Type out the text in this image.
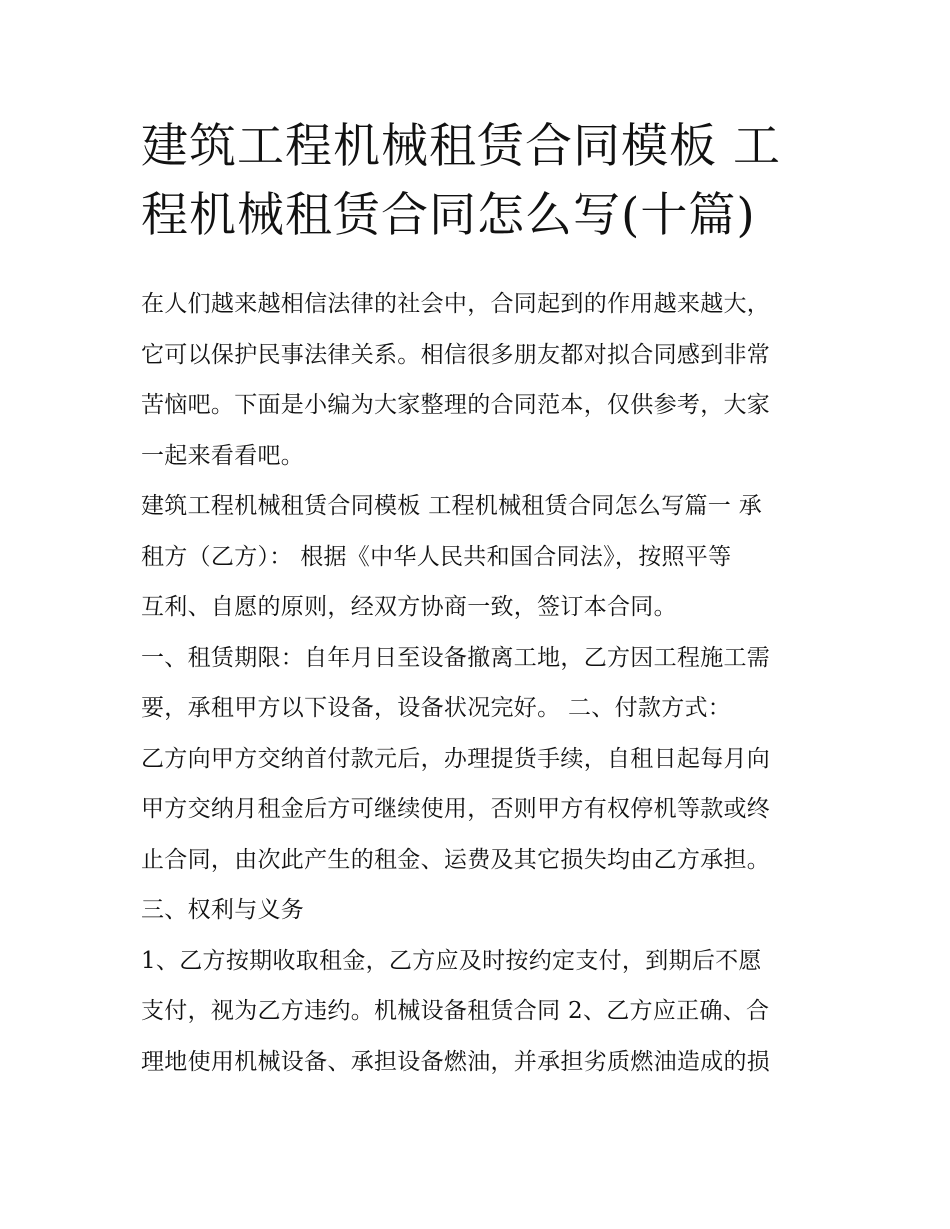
建筑工程机械租赁合同模板 工
程机械租赁合同怎么写(十篇)
在人们越来越相信法律的社会中，合同起到的作用越来越大，
它可以保护民事法律关系。相信很多朋友都对拟合同感到非常
苦恼吧。下面是小编为大家整理的合同范本，仅供参考，大家
一起来看看吧。
建筑工程机械租赁合同模板 工程机械租赁合同怎么写篇一 承
租方（乙方）： 根据《中华人民共和国合同法》，按照平等
互利、自愿的原则，经双方协商一致，签订本合同。
一、租赁期限：自年月日至设备撤离工地，乙方因工程施工需
要，承租甲方以下设备，设备状况完好。 二、付款方式：
乙方向甲方交纳首付款元后，办理提货手续，自租日起每月向
甲方交纳月租金后方可继续使用，否则甲方有权停机等款或终
止合同，由次此产生的租金、运费及其它损失均由乙方承担。
三、权利与义务
1、乙方按期收取租金，乙方应及时按约定支付，到期后不愿
支付，视为乙方违约。机械设备租赁合同 2、乙方应正确、合
理地使用机械设备、承担设备燃油，并承担劣质燃油造成的损
